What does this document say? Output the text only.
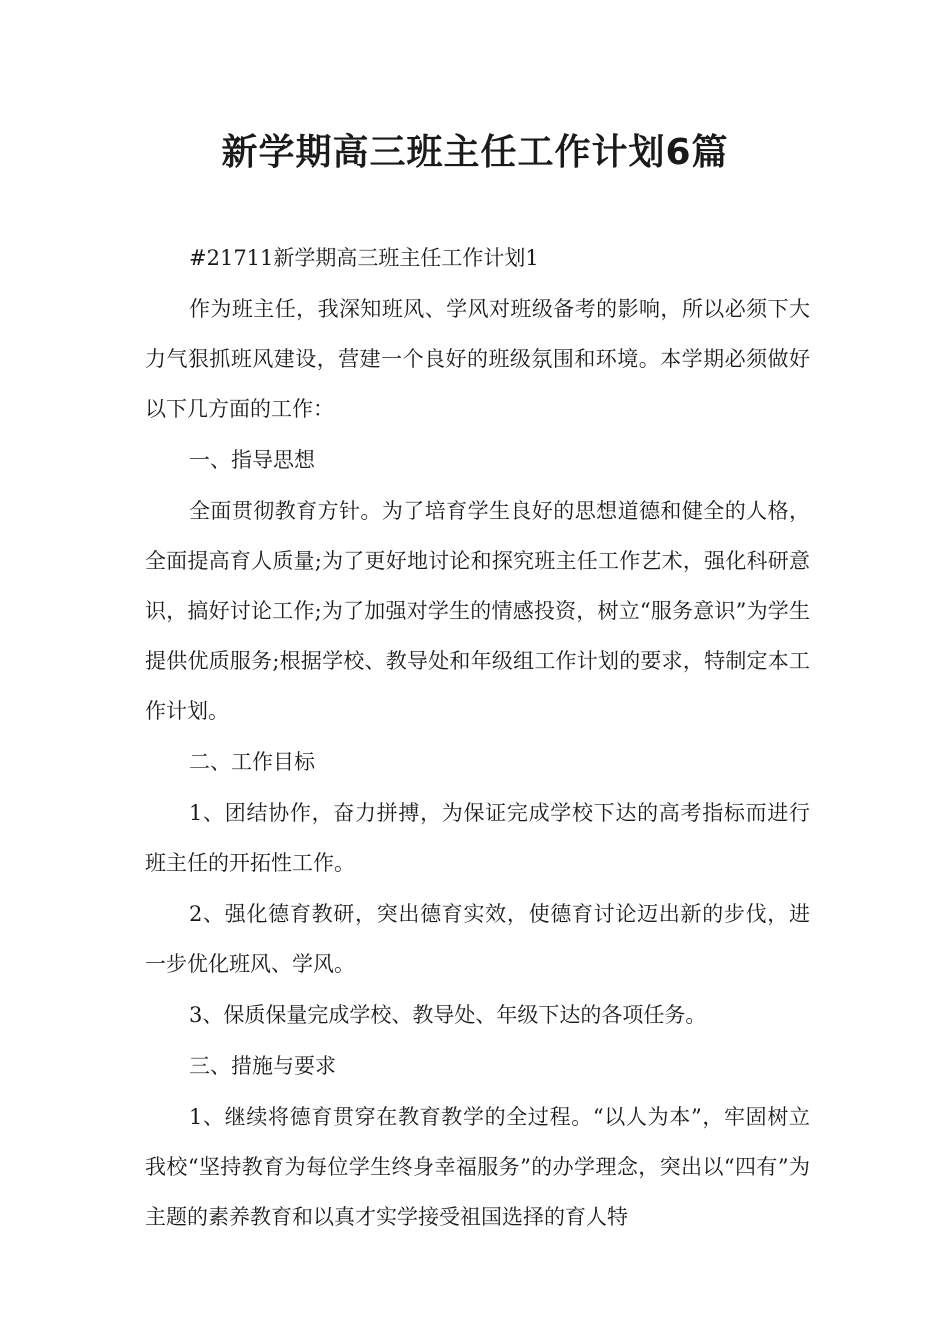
新学期高三班主任工作计划6篇

#21711新学期高三班主任工作计划1

作为班主任，我深知班风、学风对班级备考的影响，所以必须下大力气狠抓班风建设，营建一个良好的班级氛围和环境。本学期必须做好以下几方面的工作：

一、指导思想

全面贯彻教育方针。为了培育学生良好的思想道德和健全的人格，全面提高育人质量;为了更好地讨论和探究班主任工作艺术，强化科研意识，搞好讨论工作;为了加强对学生的情感投资，树立“服务意识”为学生提供优质服务;根据学校、教导处和年级组工作计划的要求，特制定本工作计划。

二、工作目标

1、团结协作，奋力拼搏，为保证完成学校下达的高考指标而进行班主任的开拓性工作。

2、强化德育教研，突出德育实效，使德育讨论迈出新的步伐，进一步优化班风、学风。

3、保质保量完成学校、教导处、年级下达的各项任务。

三、措施与要求

1、继续将德育贯穿在教育教学的全过程。“以人为本”，牢固树立我校“坚持教育为每位学生终身幸福服务”的办学理念，突出以“四有”为主题的素养教育和以真才实学接受祖国选择的育人特
